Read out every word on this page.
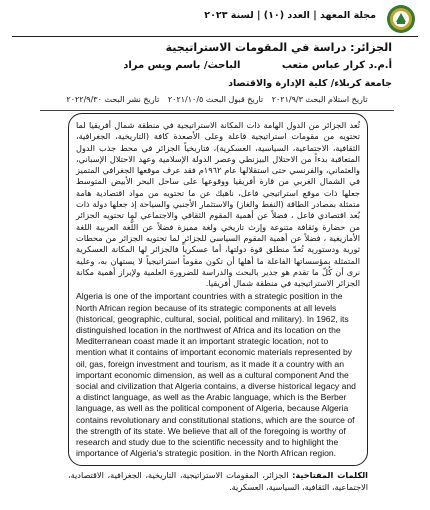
مجلة المعهد | العدد (١٠) | لسنة ٢٠٢٣
الجزائر: دراسة في المقومات الاستراتيجية
أ.م.د كرار عباس متعب الباحث/ باسم ويس مراد
جامعة كربلاء/ كلية الإدارة والاقتصاد
تاريخ استلام البحث ٢٠٢١/٩/٣ تاريخ قبول البحث ٢٠٢١/١٠/٥ تاريخ نشر البحث ٢٠٢٢/٩/٣٠

تُعد الجزائر من الدول الهامة ذات المكانة الاستراتيجية في منطقة شمال أفريقيا لما تحتويه من مقومات استراتيجية فاعلة وعلى الأصعدة كافة (التاريخية، الجغرافية، الثقافية، الاجتماعية، السياسية، العسكرية)، فتاريخياً الجزائر في محط جذب الدول المتعاقبة بدءاً من الاحتلال البيزنطي وعصر الدولة الإسلامية وعهد الاحتلال الإسباني، والعثماني، والفرنسي حتى استقلالها عام ١٩٦٢م فقد عرف موقعها الجغرافي المتميز في الشمال الغربي من قارة أفريقيا ووقوعها على ساحل البحر الأبيض المتوسط جعلها ذات موقع استراتيجي فاعل، ناهيك عن ما تحتويه من مواد اقتصادية هامة متمثلة بمصادر الطاقة (النفط والغاز) والاستثمار الأجنبي والسياحة إذ جعلها دولة ذات بُعد اقتصادي فاعل ، فضلاً عن أهمية المقوم الثقافي والاجتماعي لما تحتويه الجزائر من حضارة وثقافة متنوعة وإرث تاريخي ولغة مميزة فضلاً عن اللُّغة العربية اللغة الأمازيغية ، فضلاً عن أهمية المقوم السياسي للجزائر لما تحتويه الجزائر من محطات ثورية ودستورية تُعدّ منطلق قوة دولتها، أما عسكرياً فالجزائر لها المكانة العسكرية المتمثلة بمؤسساتها الفاعلة ما أهلها أن تكون مقوماً استراتيجياً لا يستهان به، وعليه نرى أن كُلّ ما تقدم هو جدير بالبحث والدراسة للضرورة العلمية ولإبراز أهمية مكانة الجزائر الاستراتيجية في منطقة شمال أفريقيا.

Algeria is one of the important countries with a strategic position in the North African region because of its strategic components at all levels (historical, geographic, cultural, social, political and military). In 1962, its distinguished location in the northwest of Africa and its location on the Mediterranean coast made it an important strategic location, not to mention what it contains of important economic materials represented by oil, gas, foreign investment and tourism, as it made it a country with an important economic dimension, as well as a cultural component And the social and civilization that Algeria contains, a diverse historical legacy and a distinct language, as well as the Arabic language, which is the Berber language, as well as the political component of Algeria, because Algeria contains revolutionary and constitutional stations, which are the source of the strength of its state. We believe that all of the foregoing is worthy of research and study due to the scientific necessity and to highlight the importance of Algeria's strategic position. in the North African region.

الكلمات المفتاحية: الجزائر، المقومات الاستراتيجية، التاريخية، الجغرافية، الاقتصادية، الاجتماعية، الثقافية، السياسية، العسكرية.
